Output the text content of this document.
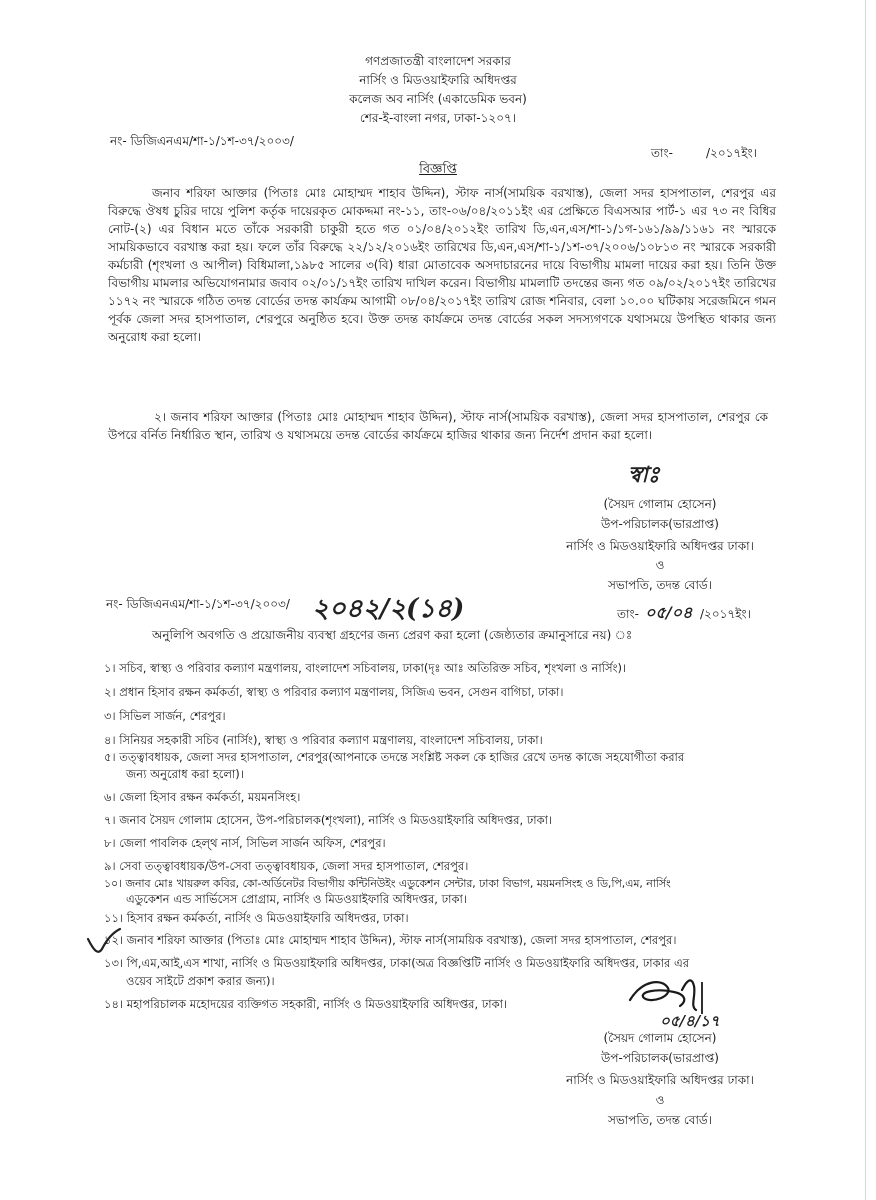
গণপ্রজাতন্ত্রী বাংলাদেশ সরকার
নার্সিং ও মিডওয়াইফারি অধিদপ্তর
কলেজ অব নার্সিং (একাডেমিক ভবন)
শের-ই-বাংলা নগর, ঢাকা-১২০৭।
নং- ডিজিএনএম/শা-১/১শ-৩৭/২০০৩/
তাং-	/২০১৭ইং।
বিজ্ঞপ্তি
জনাব শরিফা আক্তার (পিতাঃ মোঃ মোহাম্মদ শাহাব উদ্দিন), স্টাফ নার্স(সাময়িক বরখাস্ত), জেলা সদর হাসপাতাল, শেরপুর এর বিরুদ্ধে ঔষধ চুরির দায়ে পুলিশ কর্তৃক দায়েরকৃত মোকদ্দমা নং-১১, তাং-০৬/০৪/২০১১ইং এর প্রেক্ষিতে বিএসআর পার্ট-১ এর ৭৩ নং বিধির নোট-(২) এর বিধান মতে তাঁকে সরকারী চাকুরী হতে গত ০১/০৪/২০১২ইং তারিখ ডি,এন,এস/শা-১/১গ-১৬১/৯৯/১১৬১ নং স্মারকে সাময়িকভাবে বরখাস্ত করা হয়। ফলে তাঁর বিরুদ্ধে ২২/১২/২০১৬ইং তারিখের ডি,এন,এস/শা-১/১শ-৩৭/২০০৬/১০৮১৩ নং স্মারকে সরকারী কর্মচারী (শৃংখলা ও আপীল) বিধিমালা,১৯৮৫ সালের ৩(বি) ধারা মোতাবেক অসদাচারনের দায়ে বিভাগীয় মামলা দায়ের করা হয়। তিনি উক্ত বিভাগীয় মামলার অভিযোগনামার জবাব ০২/০১/১৭ইং তারিখ দাখিল করেন। বিভাগীয় মামলাটি তদন্তের জন্য গত ০৯/০২/২০১৭ইং তারিখের ১১৭২ নং স্মারকে গঠিত তদন্ত বোর্ডের তদন্ত কার্যক্রম আগামী ০৮/০৪/২০১৭ইং তারিখ রোজ শনিবার, বেলা ১০.০০ ঘটিকায় সরেজমিনে গমন পূর্বক জেলা সদর হাসপাতাল, শেরপুরে অনুষ্ঠিত হবে। উক্ত তদন্ত কার্যক্রমে তদন্ত বোর্ডের সকল সদস্যগণকে যথাসময়ে উপস্থিত থাকার জন্য অনুরোধ করা হলো।
২। জনাব শরিফা আক্তার (পিতাঃ মোঃ মোহাম্মদ শাহাব উদ্দিন), স্টাফ নার্স(সাময়িক বরখাস্ত), জেলা সদর হাসপাতাল, শেরপুর কে উপরে বর্নিত নির্ধারিত স্থান, তারিখ ও যথাসময়ে তদন্ত বোর্ডের কার্যক্রমে হাজির থাকার জন্য নির্দেশ প্রদান করা হলো।
স্বাঃ
(সৈয়দ গোলাম হোসেন)
উপ-পরিচালক(ভারপ্রাপ্ত)
নার্সিং ও মিডওয়াইফারি অধিদপ্তর ঢাকা।
ও
সভাপতি, তদন্ত বোর্ড।
নং- ডিজিএনএম/শা-১/১শ-৩৭/২০০৩/ ২০৪২/২(১৪)	তাং- ০৫/০৪ /২০১৭ইং।
অনুলিপি অবগতি ও প্রয়োজনীয় ব্যবস্থা গ্রহণের জন্য প্রেরণ করা হলো (জেষ্ঠ্যতার ক্রমানুসারে নয়) ঃ
১। সচিব, স্বাস্থ্য ও পরিবার কল্যাণ মন্ত্রণালয়, বাংলাদেশ সচিবালয়, ঢাকা(দৃঃ আঃ অতিরিক্ত সচিব, শৃংখলা ও নার্সিং)।
২। প্রধান হিসাব রক্ষন কর্মকর্তা, স্বাস্থ্য ও পরিবার কল্যাণ মন্ত্রণালয়, সিজিএ ভবন, সেগুন বাগিচা, ঢাকা।
৩। সিভিল সার্জন, শেরপুর।
৪। সিনিয়র সহকারী সচিব (নার্সিং), স্বাস্থ্য ও পরিবার কল্যাণ মন্ত্রণালয়, বাংলাদেশ সচিবালয়, ঢাকা।
৫। তত্ত্বাবধায়ক, জেলা সদর হাসপাতাল, শেরপুর(আপনাকে তদন্তে সংশ্লিষ্ট সকল কে হাজির রেখে তদন্ত কাজে সহযোগীতা করার
জন্য অনুরোধ করা হলো)।
৬। জেলা হিসাব রক্ষন কর্মকর্তা, ময়মনসিংহ।
৭। জনাব সৈয়দ গোলাম হোসেন, উপ-পরিচালক(শৃংখলা), নার্সিং ও মিডওয়াইফারি অধিদপ্তর, ঢাকা।
৮। জেলা পাবলিক হেল্‌থ নার্স, সিভিল সার্জন অফিস, শেরপুর।
৯। সেবা তত্ত্বাবধায়ক/উপ-সেবা তত্ত্বাবধায়ক, জেলা সদর হাসপাতাল, শেরপুর।
১০। জনাব মোঃ খায়রুল কবির, কো-অর্ডিনেটর বিভাগীয় কন্টিনিউইং এডুকেশন সেন্টার, ঢাকা বিভাগ, ময়মনসিংহ ও ডি,পি,এম, নার্সিং
এডুকেশন এন্ড সার্ভিসেস প্রোগ্রাম, নার্সিং ও মিডওয়াইফারি অধিদপ্তর, ঢাকা।
১১। হিসাব রক্ষন কর্মকর্তা, নার্সিং ও মিডওয়াইফারি অধিদপ্তর, ঢাকা।
১২। জনাব শরিফা আক্তার (পিতাঃ মোঃ মোহাম্মদ শাহাব উদ্দিন), স্টাফ নার্স(সাময়িক বরখাস্ত), জেলা সদর হাসপাতাল, শেরপুর।
১৩। পি,এম,আই,এস শাখা, নার্সিং ও মিডওয়াইফারি অধিদপ্তর, ঢাকা(অত্র বিজ্ঞপ্তিটি নার্সিং ও মিডওয়াইফারি অধিদপ্তর, ঢাকার এর
ওয়েব সাইটে প্রকাশ করার জন্য)।
১৪। মহাপরিচালক মহোদয়ের ব্যক্তিগত সহকারী, নার্সিং ও মিডওয়াইফারি অধিদপ্তর, ঢাকা।
০৫/৪/১৭
(সৈয়দ গোলাম হোসেন)
উপ-পরিচালক(ভারপ্রাপ্ত)
নার্সিং ও মিডওয়াইফারি অধিদপ্তর ঢাকা।
ও
সভাপতি, তদন্ত বোর্ড।
